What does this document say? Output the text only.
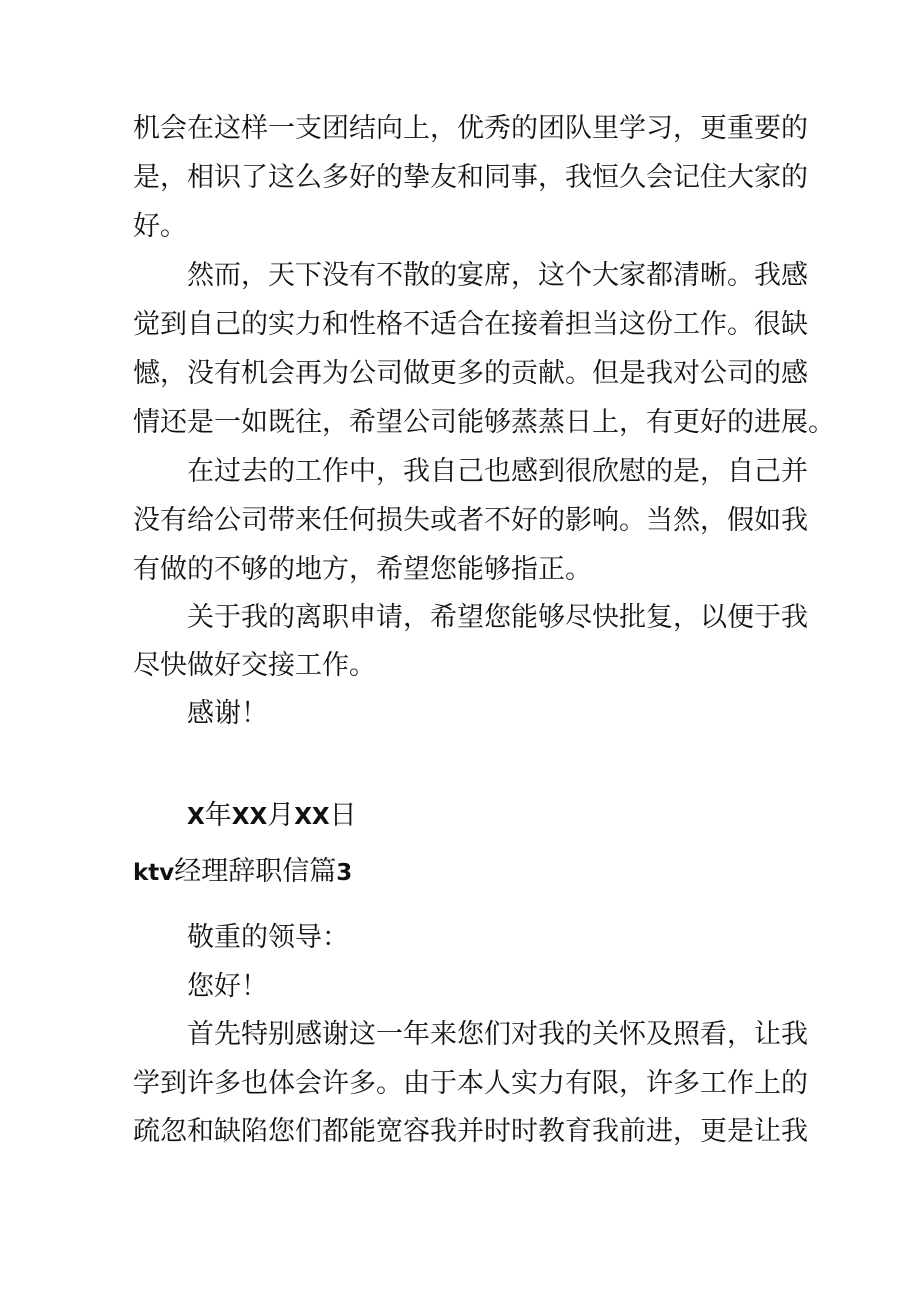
机会在这样一支团结向上，优秀的团队里学习，更重要的

是，相识了这么多好的挚友和同事，我恒久会记住大家的

好。

然而，天下没有不散的宴席，这个大家都清晰。我感

觉到自己的实力和性格不适合在接着担当这份工作。很缺

憾，没有机会再为公司做更多的贡献。但是我对公司的感

情还是一如既往，希望公司能够蒸蒸日上，有更好的进展。

在过去的工作中，我自己也感到很欣慰的是，自己并

没有给公司带来任何损失或者不好的影响。当然，假如我

有做的不够的地方，希望您能够指正。

关于我的离职申请，希望您能够尽快批复，以便于我

尽快做好交接工作。

感谢！

X年XX月XX日

ktv经理辞职信篇3

敬重的领导：

您好！

首先特别感谢这一年来您们对我的关怀及照看，让我

学到许多也体会许多。由于本人实力有限，许多工作上的

疏忽和缺陷您们都能宽容我并时时教育我前进，更是让我
